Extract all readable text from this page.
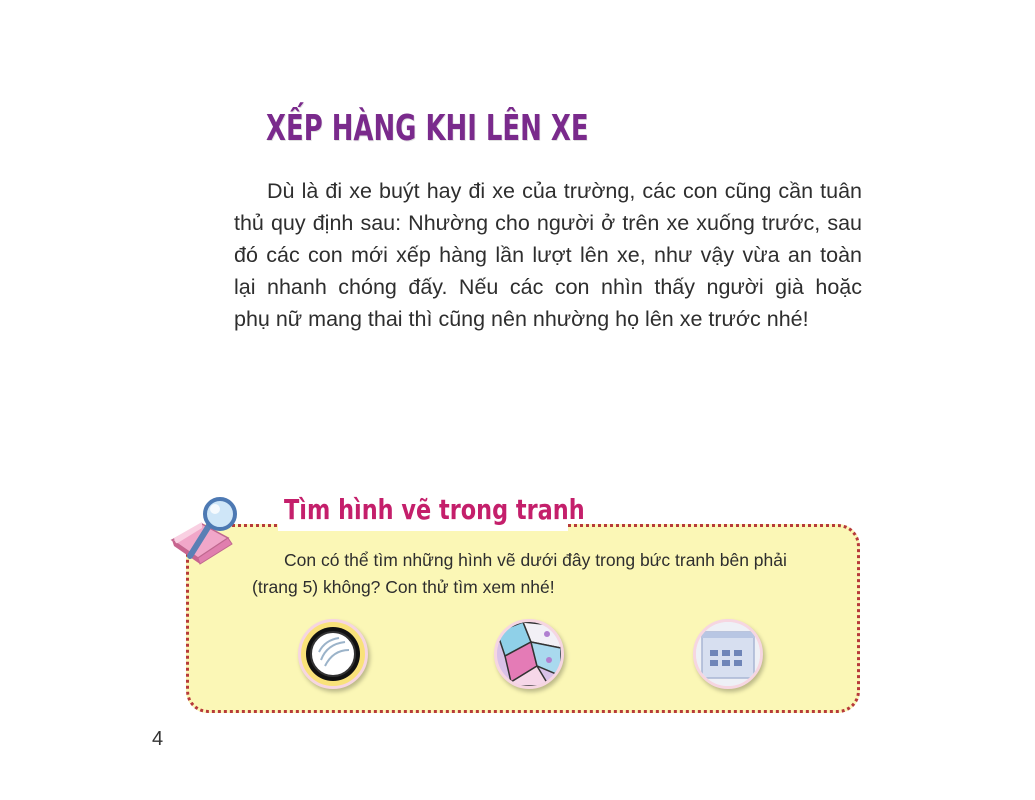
XẾP HÀNG KHI LÊN XE
Dù là đi xe buýt hay đi xe của trường, các con cũng cần tuân
thủ quy định sau: Nhường cho người ở trên xe xuống trước, sau
đó các con mới xếp hàng lần lượt lên xe, như vậy vừa an toàn
lại nhanh chóng đấy. Nếu các con nhìn thấy người già hoặc
phụ nữ mang thai thì cũng nên nhường họ lên xe trước nhé!
Tìm hình vẽ trong tranh
Con có thể tìm những hình vẽ dưới đây trong bức tranh bên phải
(trang 5) không? Con thử tìm xem nhé!
4
